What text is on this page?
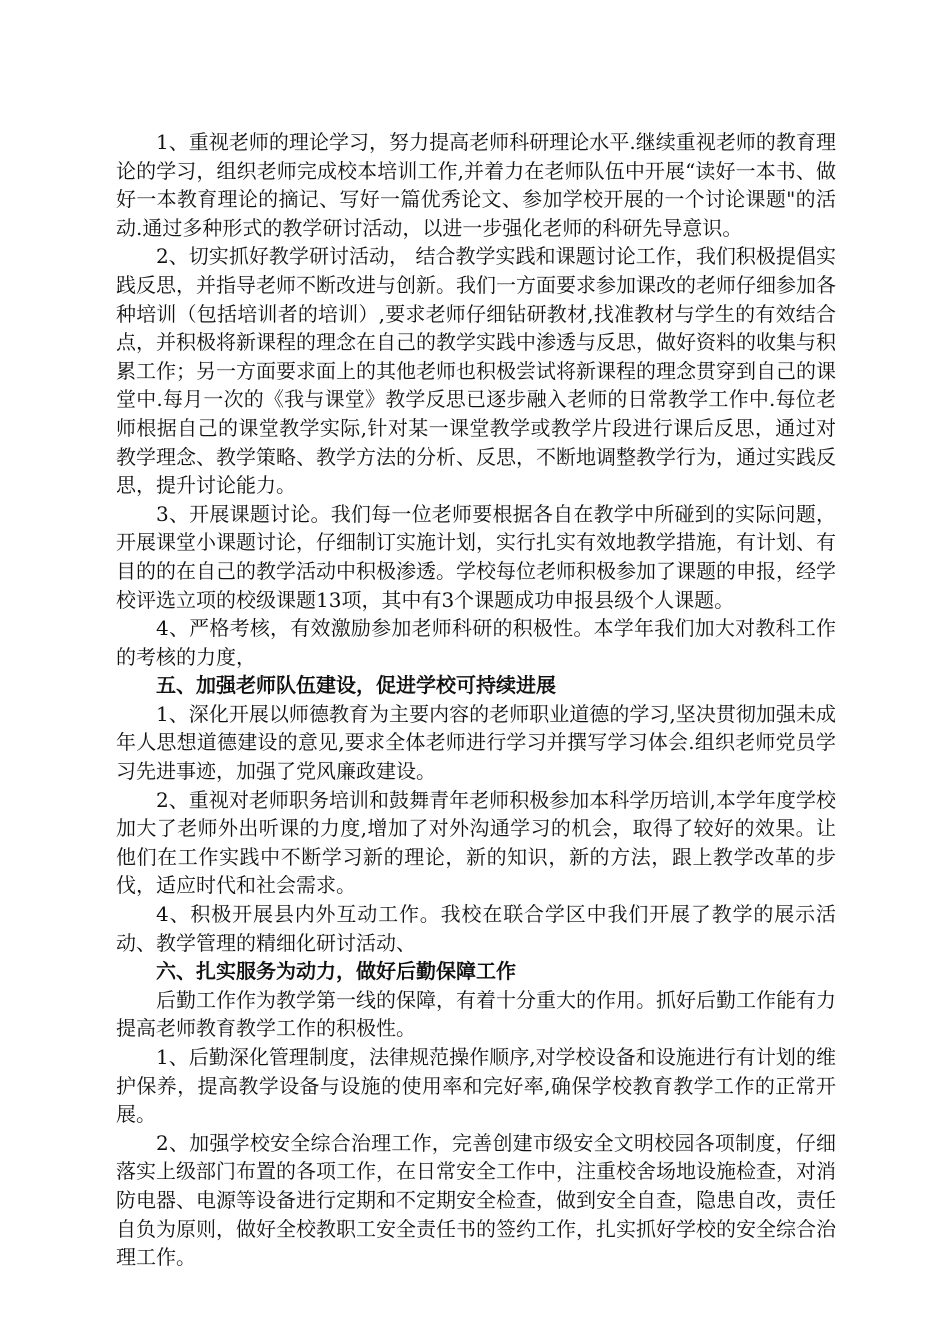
1、重视老师的理论学习，努力提高老师科研理论水平.继续重视老师的教育理论的学习，组织老师完成校本培训工作,并着力在老师队伍中开展“读好一本书、做好一本教育理论的摘记、写好一篇优秀论文、参加学校开展的一个讨论课题"的活动.通过多种形式的教学研讨活动，以进一步强化老师的科研先导意识。

2、切实抓好教学研讨活动， 结合教学实践和课题讨论工作，我们积极提倡实践反思，并指导老师不断改进与创新。我们一方面要求参加课改的老师仔细参加各种培训（包括培训者的培训）,要求老师仔细钻研教材,找准教材与学生的有效结合点，并积极将新课程的理念在自己的教学实践中渗透与反思，做好资料的收集与积累工作；另一方面要求面上的其他老师也积极尝试将新课程的理念贯穿到自己的课堂中.每月一次的《我与课堂》教学反思已逐步融入老师的日常教学工作中.每位老师根据自己的课堂教学实际,针对某一课堂教学或教学片段进行课后反思，通过对教学理念、教学策略、教学方法的分析、反思，不断地调整教学行为，通过实践反思，提升讨论能力。

3、开展课题讨论。我们每一位老师要根据各自在教学中所碰到的实际问题，开展课堂小课题讨论，仔细制订实施计划，实行扎实有效地教学措施，有计划、有目的的在自己的教学活动中积极渗透。学校每位老师积极参加了课题的申报，经学校评选立项的校级课题13项，其中有3个课题成功申报县级个人课题。

4、严格考核，有效激励参加老师科研的积极性。本学年我们加大对教科工作的考核的力度，

五、加强老师队伍建设，促进学校可持续进展

1、深化开展以师德教育为主要内容的老师职业道德的学习,坚决贯彻加强未成年人思想道德建设的意见,要求全体老师进行学习并撰写学习体会.组织老师党员学习先进事迹，加强了党风廉政建设。

2、重视对老师职务培训和鼓舞青年老师积极参加本科学历培训,本学年度学校加大了老师外出听课的力度,增加了对外沟通学习的机会，取得了较好的效果。让他们在工作实践中不断学习新的理论，新的知识，新的方法，跟上教学改革的步伐，适应时代和社会需求。

4、积极开展县内外互动工作。我校在联合学区中我们开展了教学的展示活动、教学管理的精细化研讨活动、

六、扎实服务为动力，做好后勤保障工作

后勤工作作为教学第一线的保障，有着十分重大的作用。抓好后勤工作能有力提高老师教育教学工作的积极性。

1、后勤深化管理制度，法律规范操作顺序,对学校设备和设施进行有计划的维护保养，提高教学设备与设施的使用率和完好率,确保学校教育教学工作的正常开展。

2、加强学校安全综合治理工作，完善创建市级安全文明校园各项制度，仔细落实上级部门布置的各项工作，在日常安全工作中，注重校舍场地设施检查，对消防电器、电源等设备进行定期和不定期安全检查，做到安全自查，隐患自改，责任自负为原则，做好全校教职工安全责任书的签约工作，扎实抓好学校的安全综合治理工作。
